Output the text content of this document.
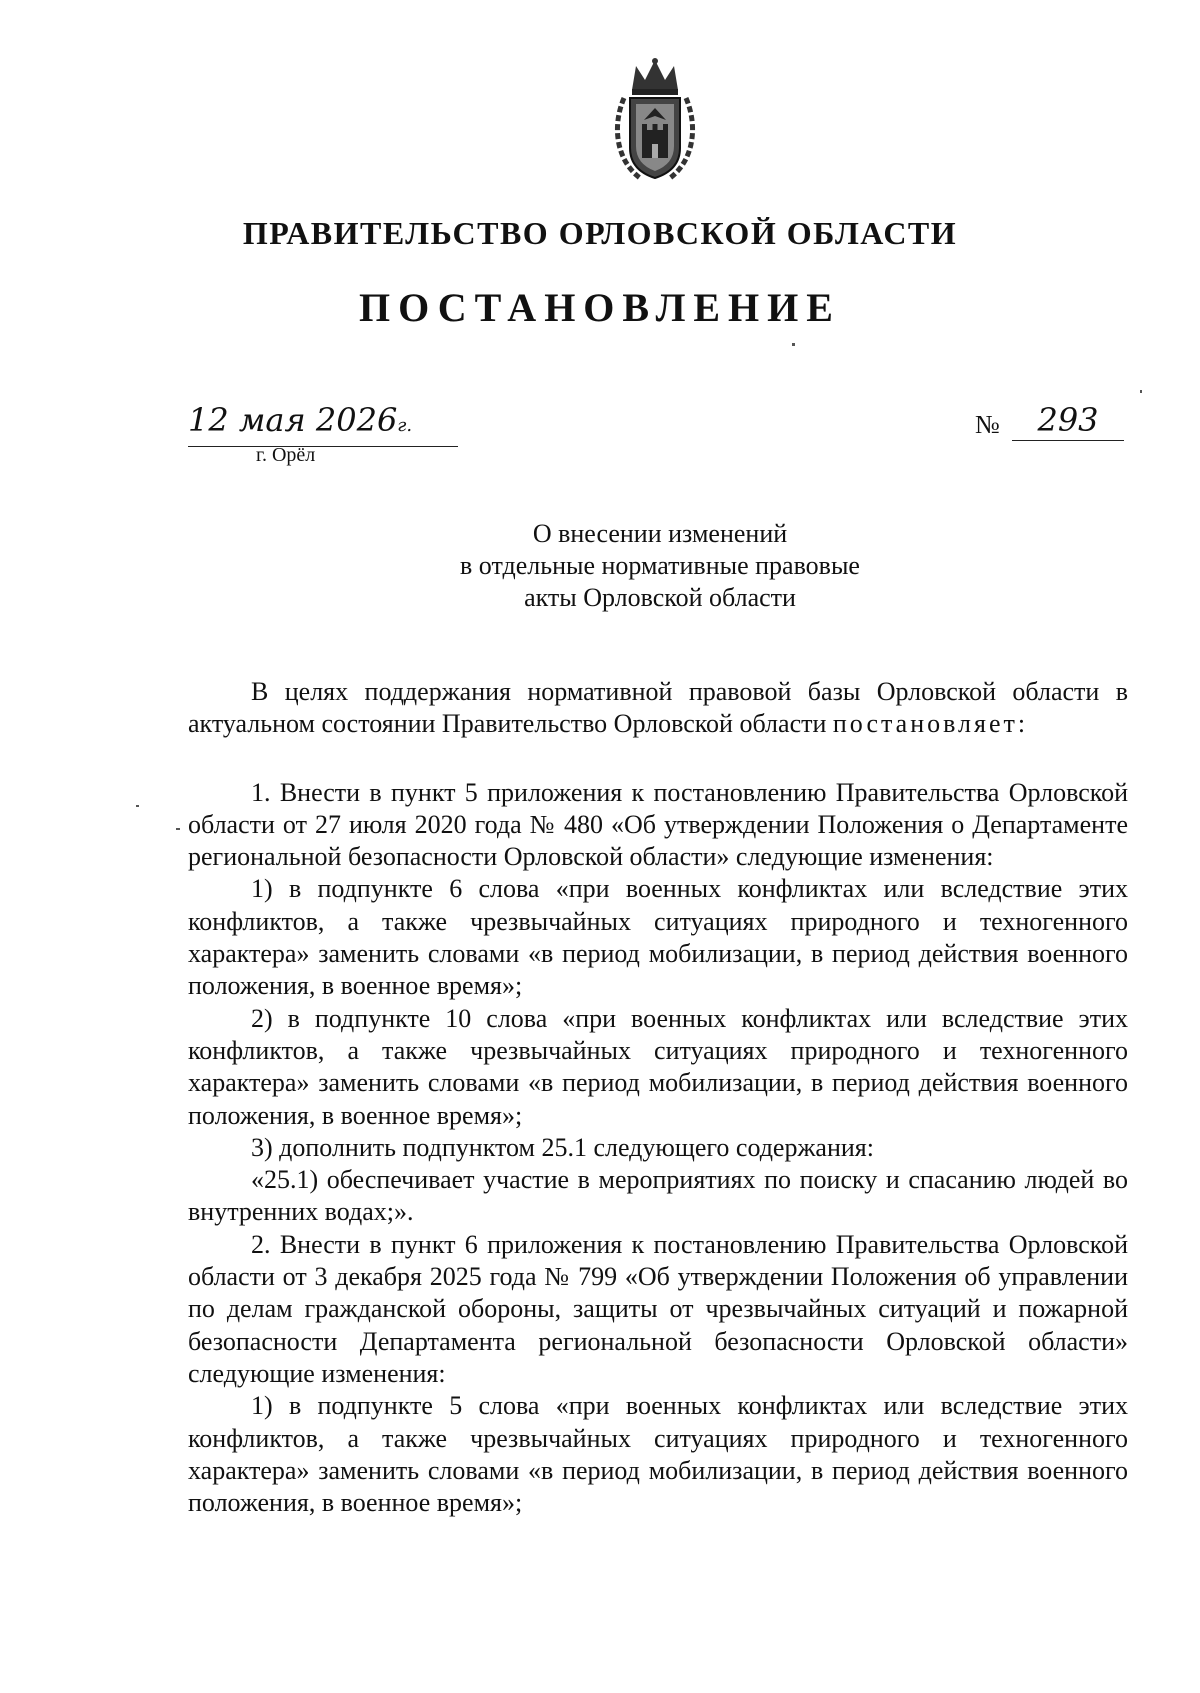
ПРАВИТЕЛЬСТВО ОРЛОВСКОЙ ОБЛАСТИ
ПОСТАНОВЛЕНИЕ
12 мая 2026г.
г. Орёл
№	293
О внесении изменений
в отдельные нормативные правовые
акты Орловской области

В целях поддержания нормативной правовой базы Орловской области в актуальном состоянии Правительство Орловской области постановляет:

1. Внести в пункт 5 приложения к постановлению Правительства Орловской области от 27 июля 2020 года № 480 «Об утверждении Положения о Департаменте региональной безопасности Орловской области» следующие изменения:

1) в подпункте 6 слова «при военных конфликтах или вследствие этих конфликтов, а также чрезвычайных ситуациях природного и техногенного характера» заменить словами «в период мобилизации, в период действия военного положения, в военное время»;

2) в подпункте 10 слова «при военных конфликтах или вследствие этих конфликтов, а также чрезвычайных ситуациях природного и техногенного характера» заменить словами «в период мобилизации, в период действия военного положения, в военное время»;

3) дополнить подпунктом 25.1 следующего содержания:

«25.1) обеспечивает участие в мероприятиях по поиску и спасанию людей во внутренних водах;».

2. Внести в пункт 6 приложения к постановлению Правительства Орловской области от 3 декабря 2025 года № 799 «Об утверждении Положения об управлении по делам гражданской обороны, защиты от чрезвычайных ситуаций и пожарной безопасности Департамента региональной безопасности Орловской области» следующие изменения:

1) в подпункте 5 слова «при военных конфликтах или вследствие этих конфликтов, а также чрезвычайных ситуациях природного и техногенного характера» заменить словами «в период мобилизации, в период действия военного положения, в военное время»;
